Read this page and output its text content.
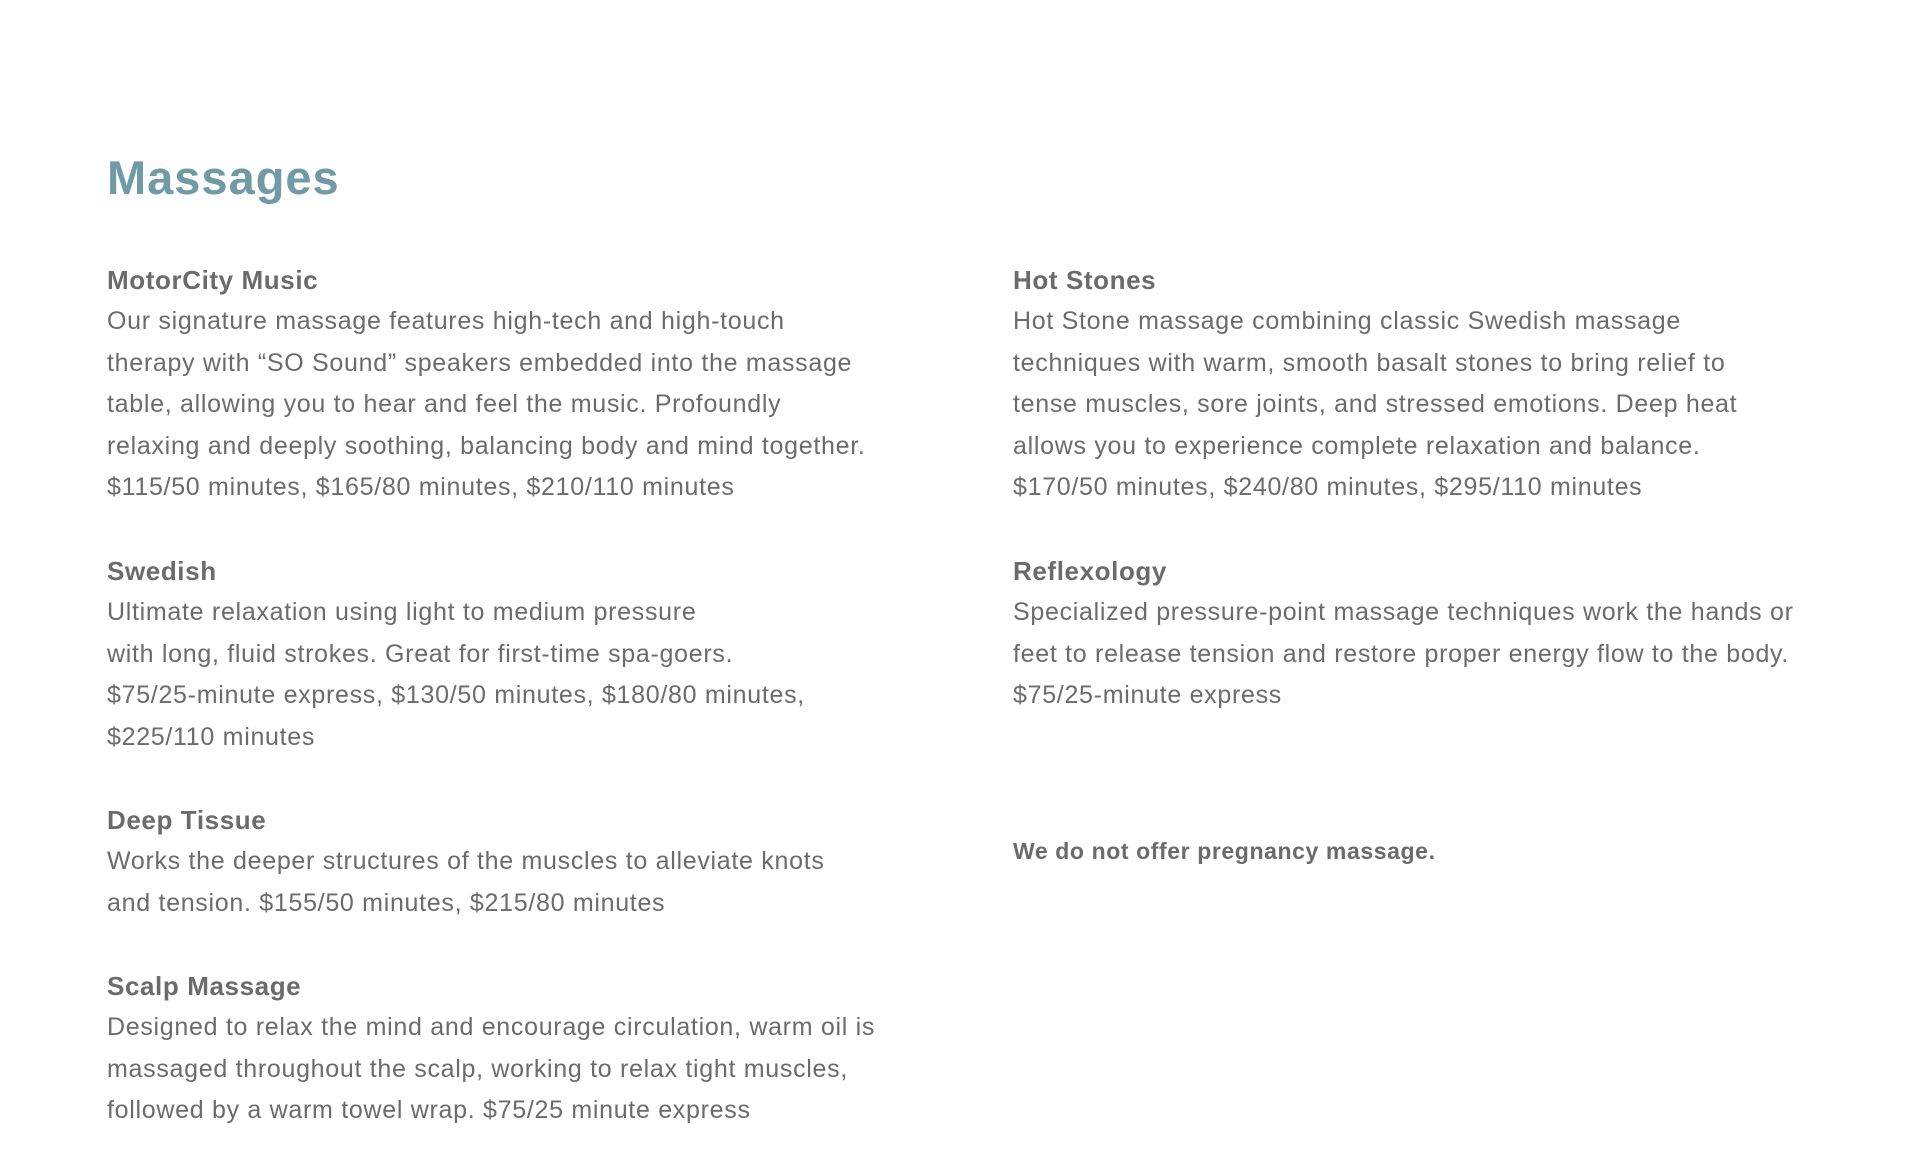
Massages
MotorCity Music

Our signature massage features high-tech and high-touch
therapy with “SO Sound” speakers embedded into the massage
table, allowing you to hear and feel the music. Profoundly
relaxing and deeply soothing, balancing body and mind together.
$115/50 minutes, $165/80 minutes, $210/110 minutes

Swedish

Ultimate relaxation using light to medium pressure
with long, fluid strokes. Great for first-time spa-goers.
$75/25-minute express, $130/50 minutes, $180/80 minutes,
$225/110 minutes

Deep Tissue

Works the deeper structures of the muscles to alleviate knots
and tension. $155/50 minutes, $215/80 minutes

Scalp Massage

Designed to relax the mind and encourage circulation, warm oil is
massaged throughout the scalp, working to relax tight muscles,
followed by a warm towel wrap. $75/25 minute express

Hot Stones

Hot Stone massage combining classic Swedish massage
techniques with warm, smooth basalt stones to bring relief to
tense muscles, sore joints, and stressed emotions. Deep heat
allows you to experience complete relaxation and balance.
$170/50 minutes, $240/80 minutes, $295/110 minutes

Reflexology

Specialized pressure-point massage techniques work the hands or
feet to release tension and restore proper energy flow to the body.
$75/25-minute express

We do not offer pregnancy massage.
